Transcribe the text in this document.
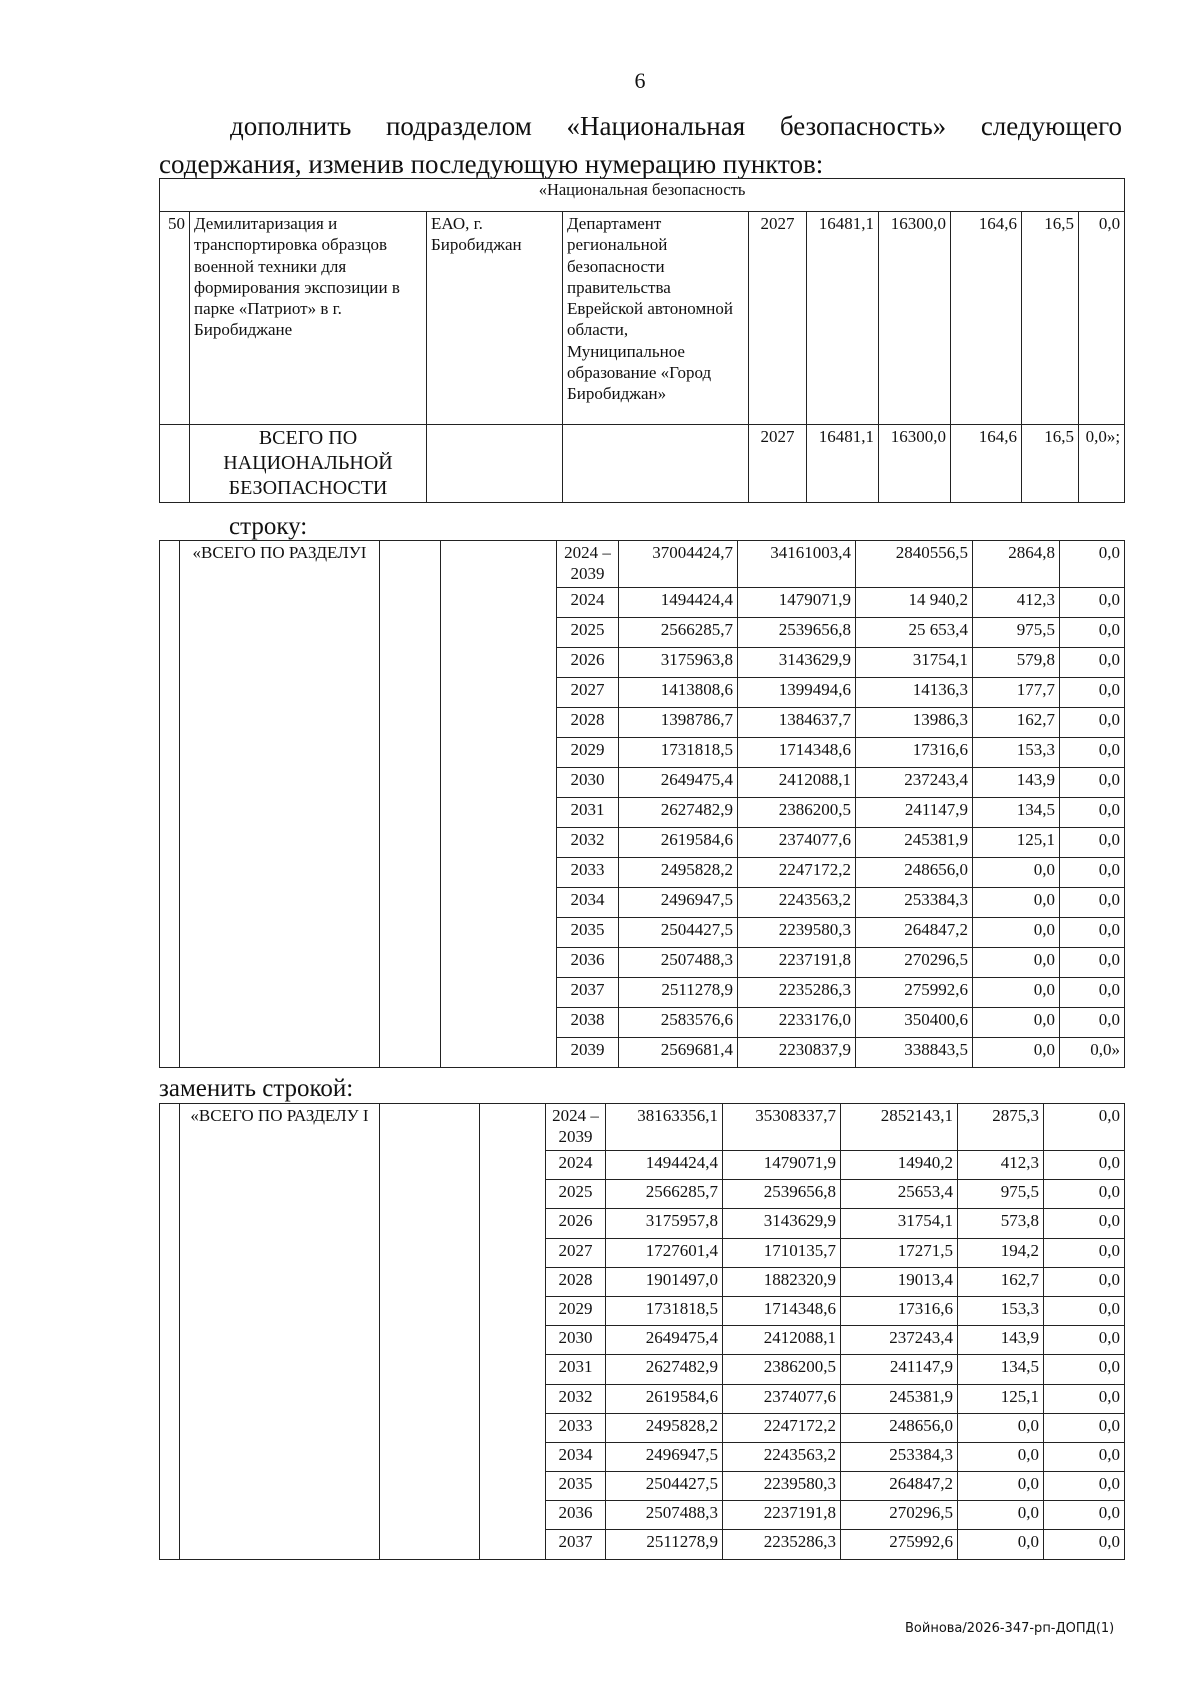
6
дополнить подразделом «Национальная безопасность» следующего
содержания, изменив последующую нумерацию пунктов:
«Национальная безопасность									
50	Демилитаризация и транспортировка образцов военной техники для формирования экспозиции в парке «Патриот» в г. Биробиджане	ЕАО, г. Биробиджан	Департамент региональной безопасности правительства Еврейской автономной области, Муниципальное образование «Город Биробиджан»	2027	16481,1	16300,0	164,6	16,5	0,0
	ВСЕГО ПО НАЦИОНАЛЬНОЙ БЕЗОПАСНОСТИ			2027	16481,1	16300,0	164,6	16,5	0,0»;
строку:
	«ВСЕГО ПО РАЗДЕЛУI			2024 – 2039	37004424,7	34161003,4	2840556,5	2864,8	0,0
				2024	1494424,4	1479071,9	14 940,2	412,3	0,0
				2025	2566285,7	2539656,8	25 653,4	975,5	0,0
				2026	3175963,8	3143629,9	31754,1	579,8	0,0
				2027	1413808,6	1399494,6	14136,3	177,7	0,0
				2028	1398786,7	1384637,7	13986,3	162,7	0,0
				2029	1731818,5	1714348,6	17316,6	153,3	0,0
				2030	2649475,4	2412088,1	237243,4	143,9	0,0
				2031	2627482,9	2386200,5	241147,9	134,5	0,0
				2032	2619584,6	2374077,6	245381,9	125,1	0,0
				2033	2495828,2	2247172,2	248656,0	0,0	0,0
				2034	2496947,5	2243563,2	253384,3	0,0	0,0
				2035	2504427,5	2239580,3	264847,2	0,0	0,0
				2036	2507488,3	2237191,8	270296,5	0,0	0,0
				2037	2511278,9	2235286,3	275992,6	0,0	0,0
				2038	2583576,6	2233176,0	350400,6	0,0	0,0
				2039	2569681,4	2230837,9	338843,5	0,0	0,0»
заменить строкой:
	«ВСЕГО ПО РАЗДЕЛУ I			2024 – 2039	38163356,1	35308337,7	2852143,1	2875,3	0,0
				2024	1494424,4	1479071,9	14940,2	412,3	0,0
				2025	2566285,7	2539656,8	25653,4	975,5	0,0
				2026	3175957,8	3143629,9	31754,1	573,8	0,0
				2027	1727601,4	1710135,7	17271,5	194,2	0,0
				2028	1901497,0	1882320,9	19013,4	162,7	0,0
				2029	1731818,5	1714348,6	17316,6	153,3	0,0
				2030	2649475,4	2412088,1	237243,4	143,9	0,0
				2031	2627482,9	2386200,5	241147,9	134,5	0,0
				2032	2619584,6	2374077,6	245381,9	125,1	0,0
				2033	2495828,2	2247172,2	248656,0	0,0	0,0
				2034	2496947,5	2243563,2	253384,3	0,0	0,0
				2035	2504427,5	2239580,3	264847,2	0,0	0,0
				2036	2507488,3	2237191,8	270296,5	0,0	0,0
				2037	2511278,9	2235286,3	275992,6	0,0	0,0
Войнова/2026-347-рп-ДОПД(1)
